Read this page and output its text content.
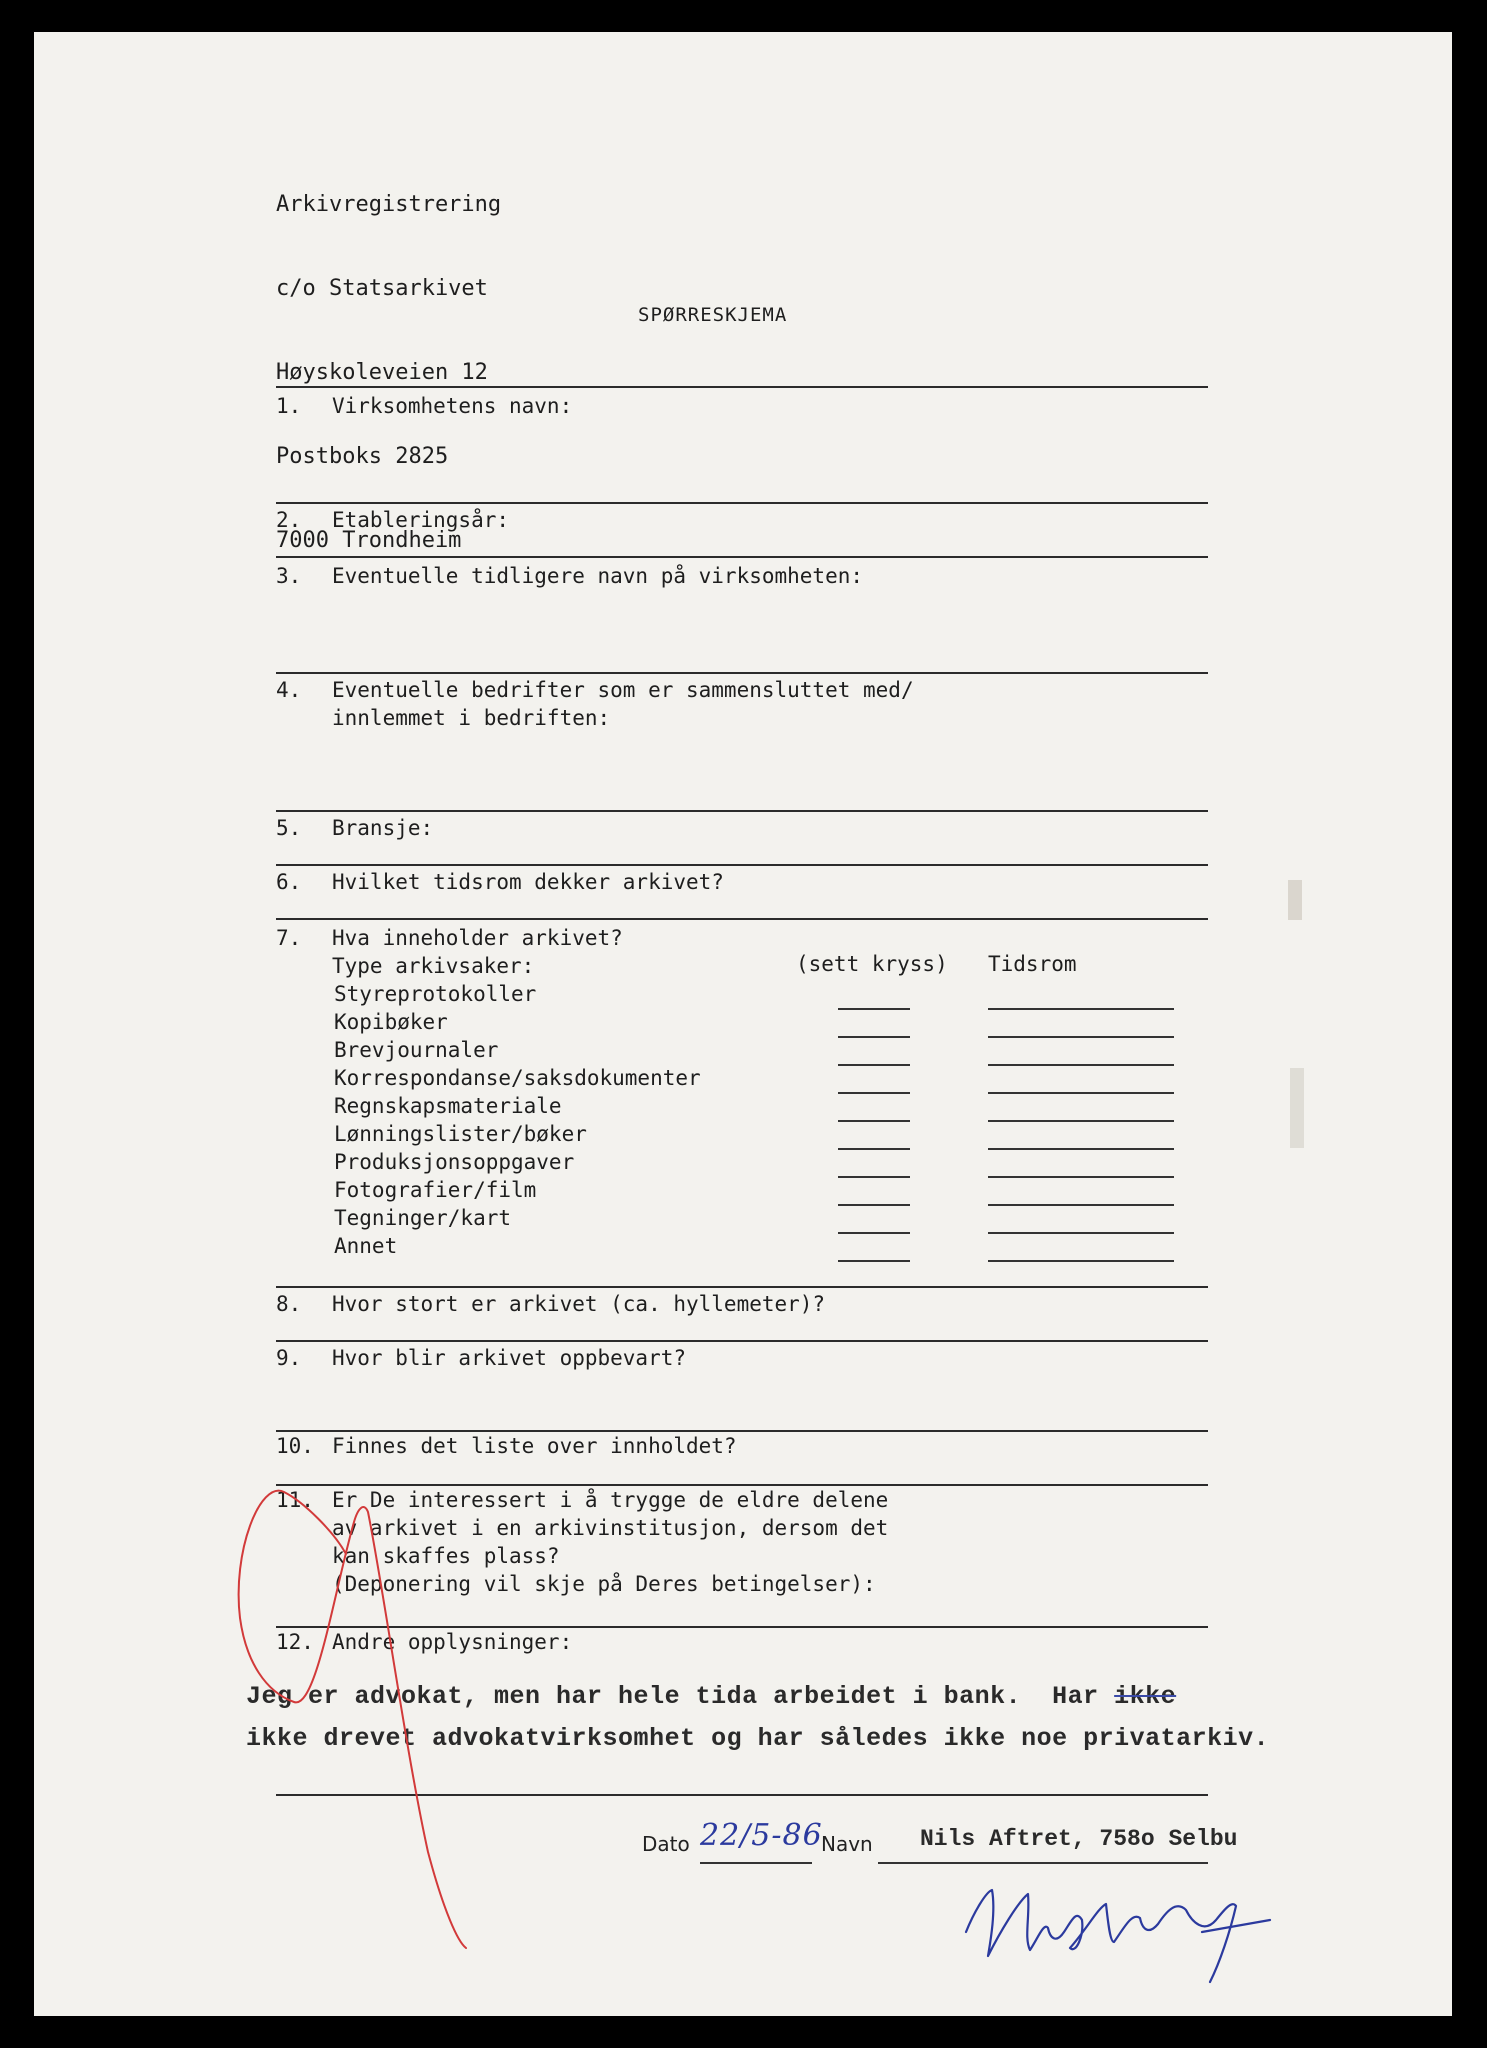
Arkivregistrering

c/o Statsarkivet

Høyskoleveien 12

Postboks 2825

7000 Trondheim

SPØRRESKJEMA
1. Virksomhetens navn:
2. Etableringsår:
3. Eventuelle tidligere navn på virksomheten:
4. Eventuelle bedrifter som er sammensluttet med/
innlemmet i bedriften:
5. Bransje:
6. Hvilket tidsrom dekker arkivet?
7. Hva inneholder arkivet?
Type arkivsaker:	(sett kryss) Tidsrom
Styreprotokoller
Kopibøker
Brevjournaler
Korrespondanse/saksdokumenter
Regnskapsmateriale
Lønningslister/bøker
Produksjonsoppgaver
Fotografier/film
Tegninger/kart
Annet
8. Hvor stort er arkivet (ca. hyllemeter)?
9. Hvor blir arkivet oppbevart?
10. Finnes det liste over innholdet?
11. Er De interessert i å trygge de eldre delene
av arkivet i en arkivinstitusjon, dersom det
kan skaffes plass?
(Deponering vil skje på Deres betingelser):
12. Andre opplysninger:
Jeg er advokat, men har hele tida arbeidet i bank.  Har ikke
ikke drevet advokatvirksomhet og har således ikke noe privatarkiv.
Dato 22/5-86
Navn Nils Aftret, 758o Selbu
